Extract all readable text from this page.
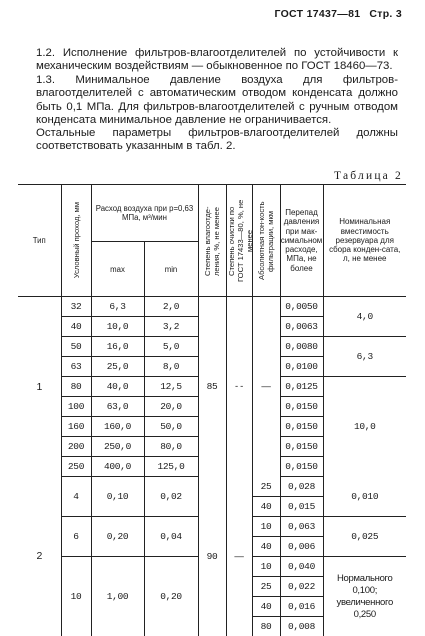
ГОСТ 17437—81 Стр. 3

1.2. Исполнение фильтров-влагоотделителей по устойчивости к механическим воздействиям — обыкновенное по ГОСТ 18460—73.

1.3. Минимальное давление воздуха для фильтров-влагоотделителей с автоматическим отводом конденсата должно быть 0,1 МПа. Для фильтров-влагоотделителей с ручным отводом конденсата минимальное давление не ограничивается.

Остальные параметры фильтров-влагоотделителей должны соответствовать указанным в табл. 2.

Таблица 2
Тип	Условный проход, мм	Расход воздуха при p=0,63 МПа, м³/мин		Степень влагоотде-ления, %, не менее	Степень очистки по ГОСТ 17433—80, %, не менее	Абсолютная тон-кость фильтрации, мкм	Перепад давления при мак-симальном расходе, МПа, не более	Номинальная вместимость резервуара для сбора конден-сата, л, не менее

		max	min					
1	32	6,3	2,0	85	- -	—	0,0050	4,0
	40	10,0	3,2				0,0063	
	50	16,0	5,0				0,0080	6,3
	63	25,0	8,0				0,0100	
	80	40,0	12,5				0,0125	10,0
	100	63,0	20,0				0,0150	
	160	160,0	50,0				0,0150	
	200	250,0	80,0				0,0150	
	250	400,0	125,0				0,0150	
2	4	0,10	0,02	90	—	25	0,028	0,010
						40	0,015	
	6	0,20	0,04			10	0,063	0,025
						40	0,006	
	10	1,00	0,20			10	0,040	Нормального
0,100;
увеличенного
0,250

						25	0,022	
						40	0,016	
						80	0,008	
